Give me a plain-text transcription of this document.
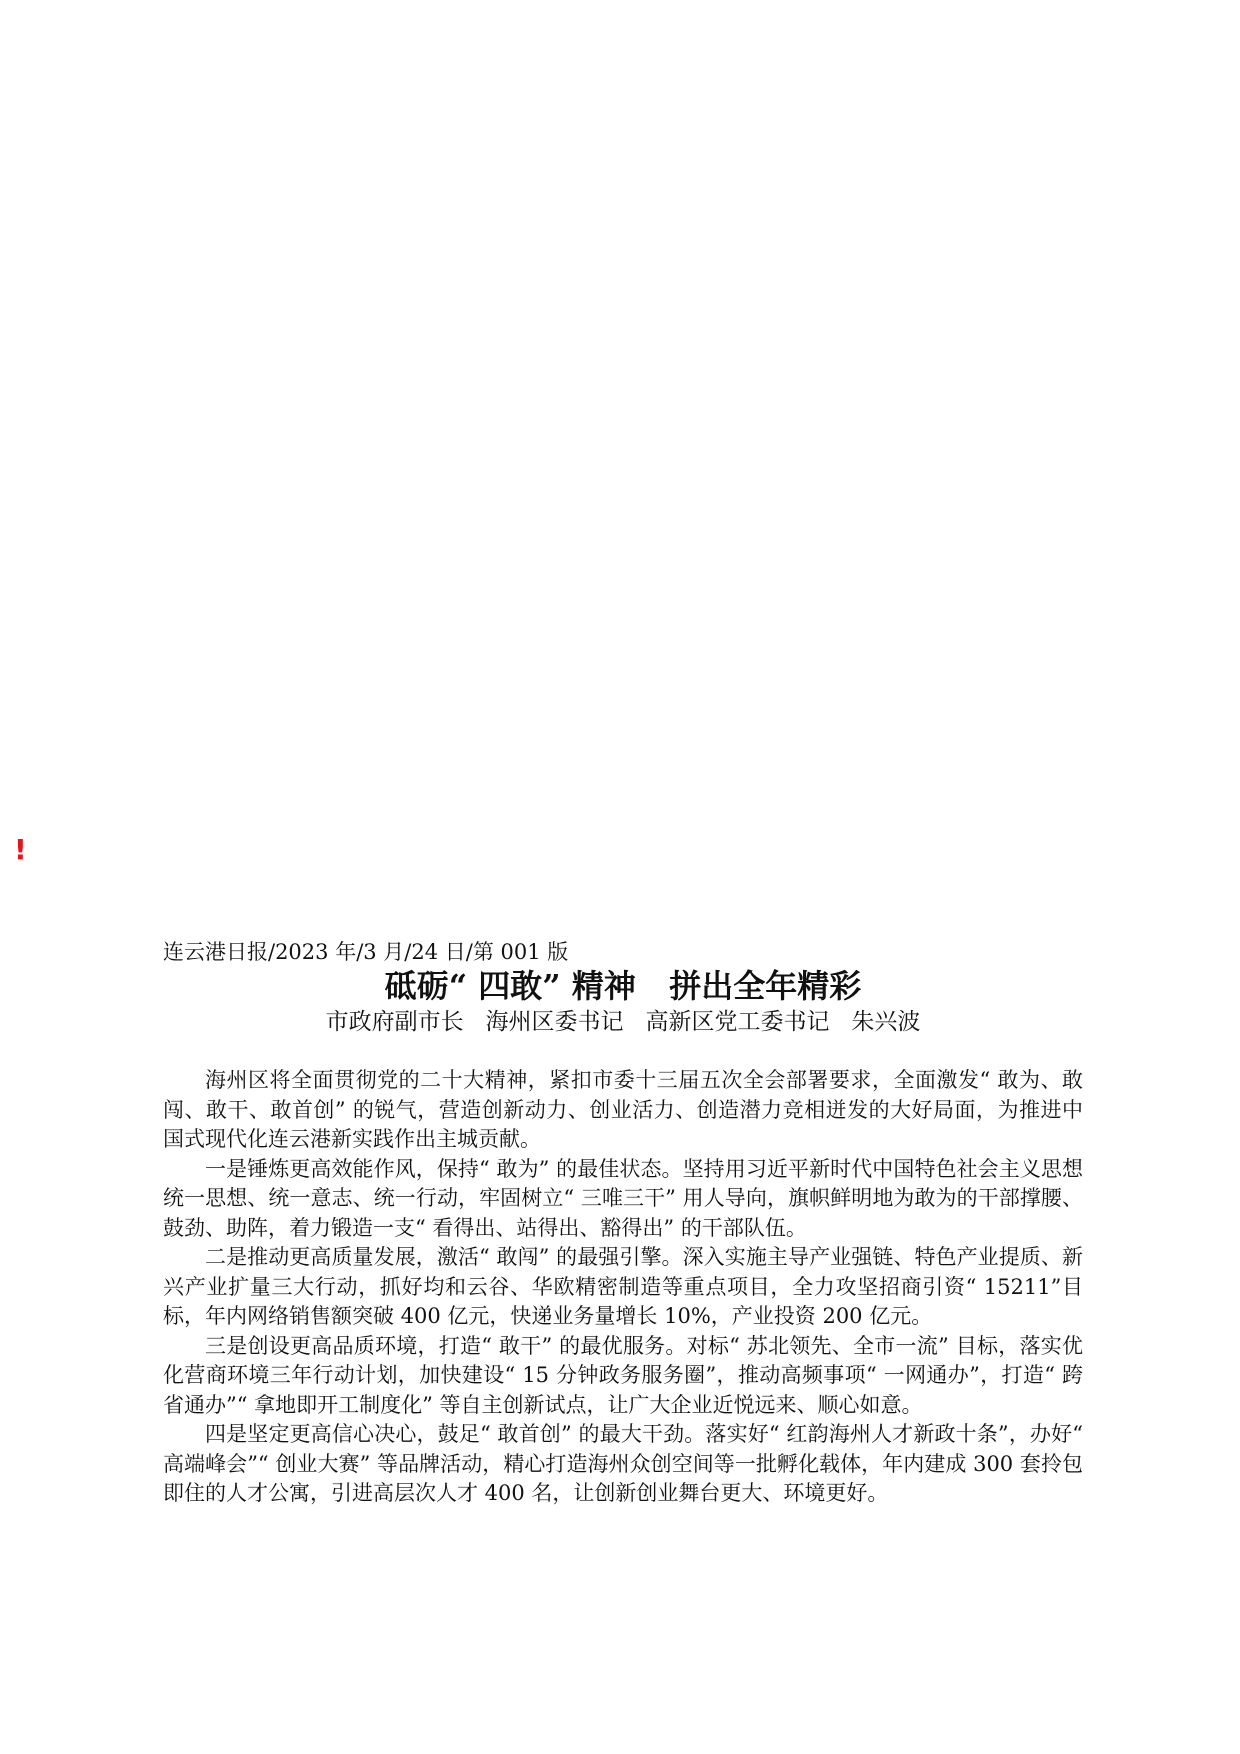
!
连云港日报/2023 年/3 月/24 日/第 001 版
砥砺“ 四敢” 精神   拼出全年精彩
市政府副市长   海州区委书记   高新区党工委书记   朱兴波

海州区将全面贯彻党的二十大精神，紧扣市委十三届五次全会部署要求，全面激发“ 敢为、敢闯、敢干、敢首创” 的锐气，营造创新动力、创业活力、创造潜力竞相迸发的大好局面，为推进中国式现代化连云港新实践作出主城贡献。

一是锤炼更高效能作风，保持“ 敢为” 的最佳状态。坚持用习近平新时代中国特色社会主义思想统一思想、统一意志、统一行动，牢固树立“ 三唯三干” 用人导向，旗帜鲜明地为敢为的干部撑腰、鼓劲、助阵，着力锻造一支“ 看得出、站得出、豁得出” 的干部队伍。

二是推动更高质量发展，激活“ 敢闯” 的最强引擎。深入实施主导产业强链、特色产业提质、新兴产业扩量三大行动，抓好均和云谷、华欧精密制造等重点项目，全力攻坚招商引资“ 15211”目标，年内网络销售额突破 400 亿元，快递业务量增长 10%，产业投资 200 亿元。

三是创设更高品质环境，打造“ 敢干” 的最优服务。对标“ 苏北领先、全市一流” 目标，落实优化营商环境三年行动计划，加快建设“ 15 分钟政务服务圈”，推动高频事项“ 一网通办”，打造“ 跨省通办”“ 拿地即开工制度化” 等自主创新试点，让广大企业近悦远来、顺心如意。

四是坚定更高信心决心，鼓足“ 敢首创” 的最大干劲。落实好“ 红韵海州人才新政十条”，办好“ 高端峰会”“ 创业大赛” 等品牌活动，精心打造海州众创空间等一批孵化载体，年内建成 300 套拎包即住的人才公寓，引进高层次人才 400 名，让创新创业舞台更大、环境更好。
